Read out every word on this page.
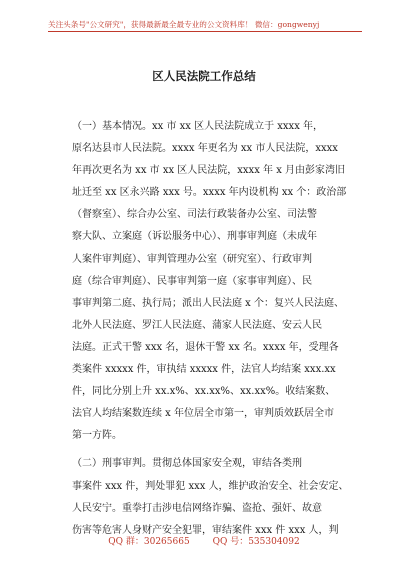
关注头条号"公文研究"，获得最新最全最专业的公文资料库！ 微信：gongwenyj
区人民法院工作总结
（一）基本情况。xx 市 xx 区人民法院成立于 xxxx 年，
原名达县市人民法院。xxxx 年更名为 xx 市人民法院，xxxx
年再次更名为 xx 市 xx 区人民法院，xxxx 年 x 月由彭家湾旧
址迁至 xx 区永兴路 xxx 号。xxxx 年内设机构 xx 个：政治部
（督察室）、综合办公室、司法行政装备办公室、司法警
察大队、立案庭（诉讼服务中心）、刑事审判庭（未成年
人案件审判庭）、审判管理办公室（研究室）、行政审判
庭（综合审判庭）、民事审判第一庭（家事审判庭）、民
事审判第二庭、执行局；派出人民法庭 x 个：复兴人民法庭、
北外人民法庭、罗江人民法庭、蒲家人民法庭、安云人民
法庭。正式干警 xxx 名，退休干警 xx 名。xxxx 年，受理各
类案件 xxxxx 件，审执结 xxxxx 件，法官人均结案 xxx.xx
件，同比分别上升 xx.x%、xx.xx%、xx.xx%。收结案数、
法官人均结案数连续 x 年位居全市第一，审判质效跃居全市
第一方阵。
（二）刑事审判。贯彻总体国家安全观，审结各类刑
事案件 xxx 件，判处罪犯 xxx 人，维护政治安全、社会安定、
人民安宁。重拳打击涉电信网络诈骗、盗抢、强奸、故意
伤害等危害人身财产安全犯罪，审结案件 xxx 件 xxx 人，判
QQ 群：30265665	QQ 号：535304092
